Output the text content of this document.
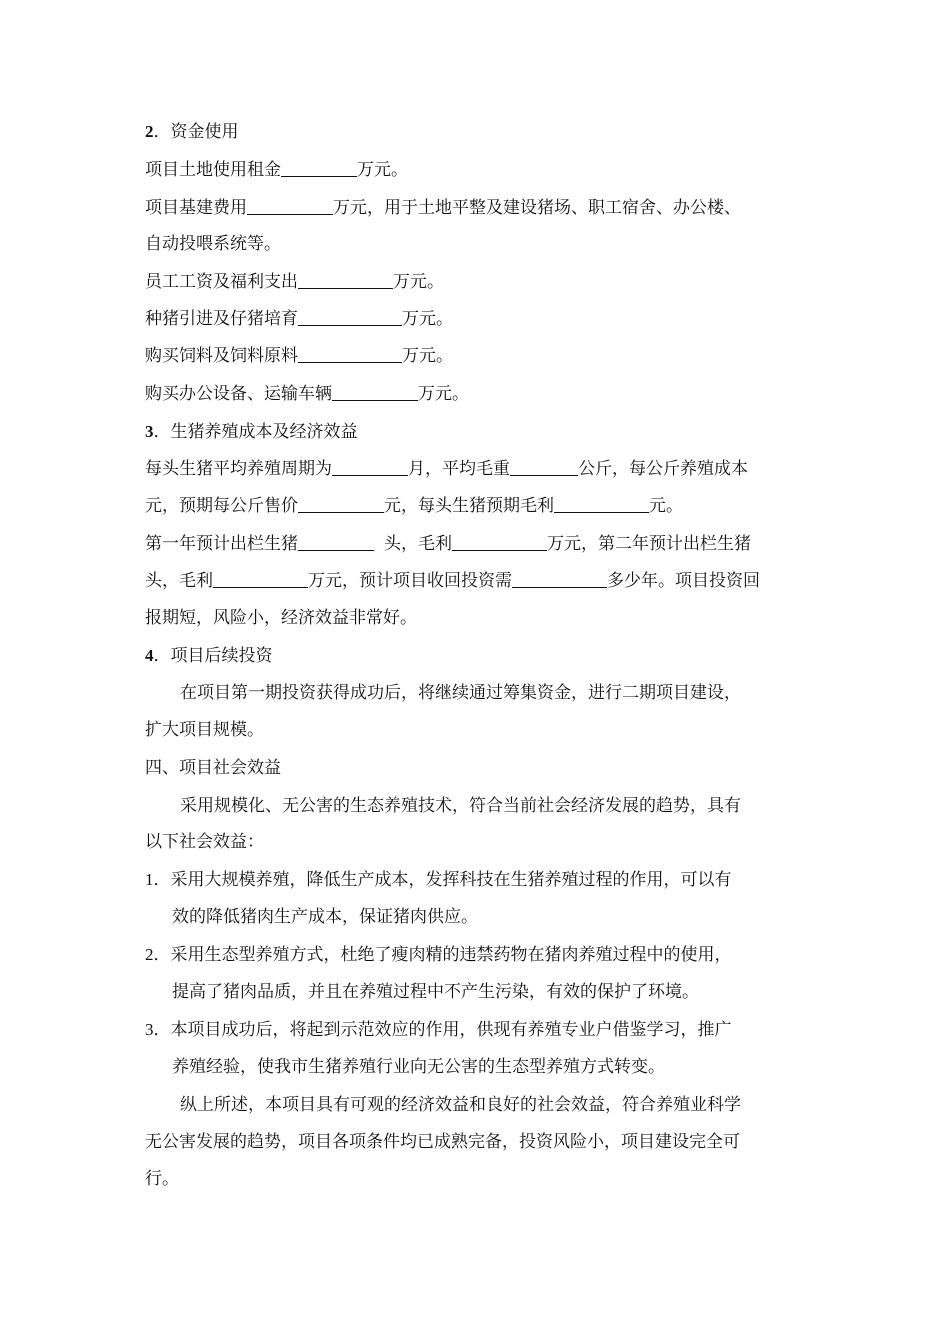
2．资金使用
项目土地使用租金	万元。
项目基建费用	万元，用于土地平整及建设猪场、职工宿舍、办公楼、
自动投喂系统等。
员工工资及福利支出	万元。
种猪引进及仔猪培育	万元。
购买饲料及饲料原料	万元。
购买办公设备、运输车辆	万元。
3．生猪养殖成本及经济效益
每头生猪平均养殖周期为	月，平均毛重	公斤，每公斤养殖成本
元，预期每公斤售价	元，每头生猪预期毛利	元。
第一年预计出栏生猪	头，毛利	万元，第二年预计出栏生猪
头，毛利	万元，预计项目收回投资需	多少年。项目投资回
报期短，风险小，经济效益非常好。
4．项目后续投资
在项目第一期投资获得成功后，将继续通过筹集资金，进行二期项目建设，
扩大项目规模。
四、项目社会效益
采用规模化、无公害的生态养殖技术，符合当前社会经济发展的趋势，具有
以下社会效益：
1．采用大规模养殖，降低生产成本，发挥科技在生猪养殖过程的作用，可以有
效的降低猪肉生产成本，保证猪肉供应。
2．采用生态型养殖方式，杜绝了瘦肉精的违禁药物在猪肉养殖过程中的使用，
提高了猪肉品质，并且在养殖过程中不产生污染，有效的保护了环境。
3．本项目成功后，将起到示范效应的作用，供现有养殖专业户借鉴学习，推广
养殖经验，使我市生猪养殖行业向无公害的生态型养殖方式转变。
纵上所述，本项目具有可观的经济效益和良好的社会效益，符合养殖业科学
无公害发展的趋势，项目各项条件均已成熟完备，投资风险小，项目建设完全可
行。
